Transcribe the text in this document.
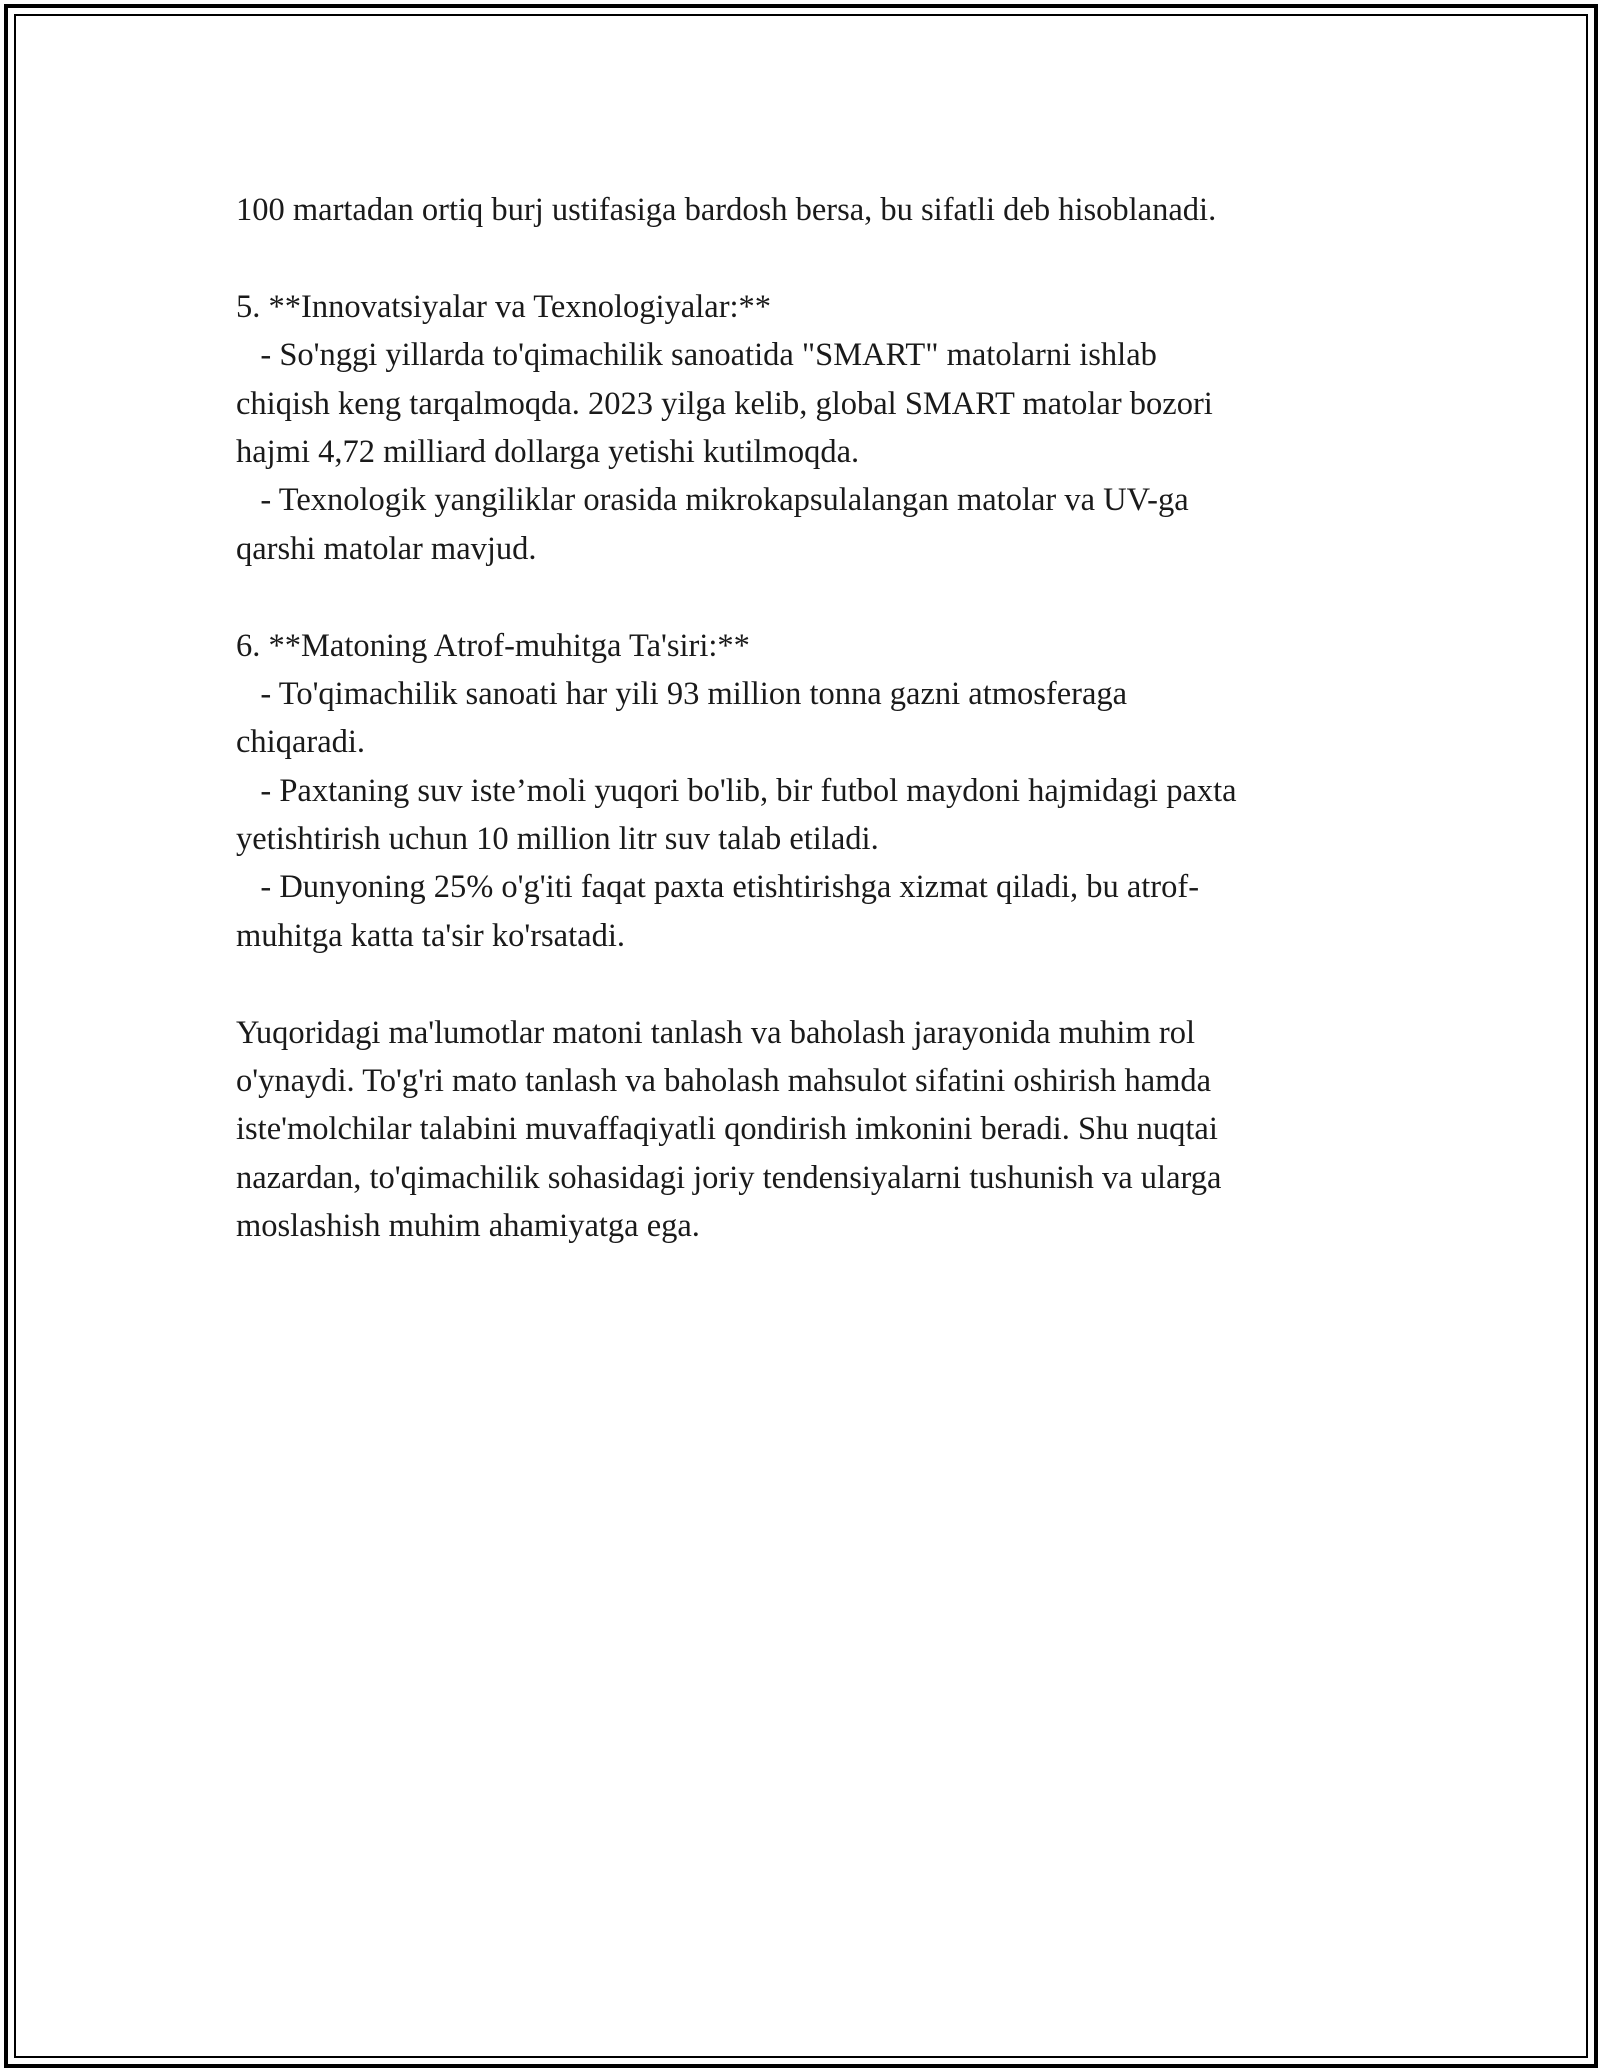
100 martadan ortiq burj ustifasiga bardosh bersa, bu sifatli deb hisoblanadi.
5. **Innovatsiyalar va Texnologiyalar:**
- So'nggi yillarda to'qimachilik sanoatida "SMART" matolarni ishlab
chiqish keng tarqalmoqda. 2023 yilga kelib, global SMART matolar bozori
hajmi 4,72 milliard dollarga yetishi kutilmoqda.
- Texnologik yangiliklar orasida mikrokapsulalangan matolar va UV-ga
qarshi matolar mavjud.
6. **Matoning Atrof-muhitga Ta'siri:**
- To'qimachilik sanoati har yili 93 million tonna gazni atmosferaga
chiqaradi.
- Paxtaning suv iste’moli yuqori bo'lib, bir futbol maydoni hajmidagi paxta
yetishtirish uchun 10 million litr suv talab etiladi.
- Dunyoning 25% o'g'iti faqat paxta etishtirishga xizmat qiladi, bu atrof-
muhitga katta ta'sir ko'rsatadi.
Yuqoridagi ma'lumotlar matoni tanlash va baholash jarayonida muhim rol
o'ynaydi. To'g'ri mato tanlash va baholash mahsulot sifatini oshirish hamda
iste'molchilar talabini muvaffaqiyatli qondirish imkonini beradi. Shu nuqtai
nazardan, to'qimachilik sohasidagi joriy tendensiyalarni tushunish va ularga
moslashish muhim ahamiyatga ega.
